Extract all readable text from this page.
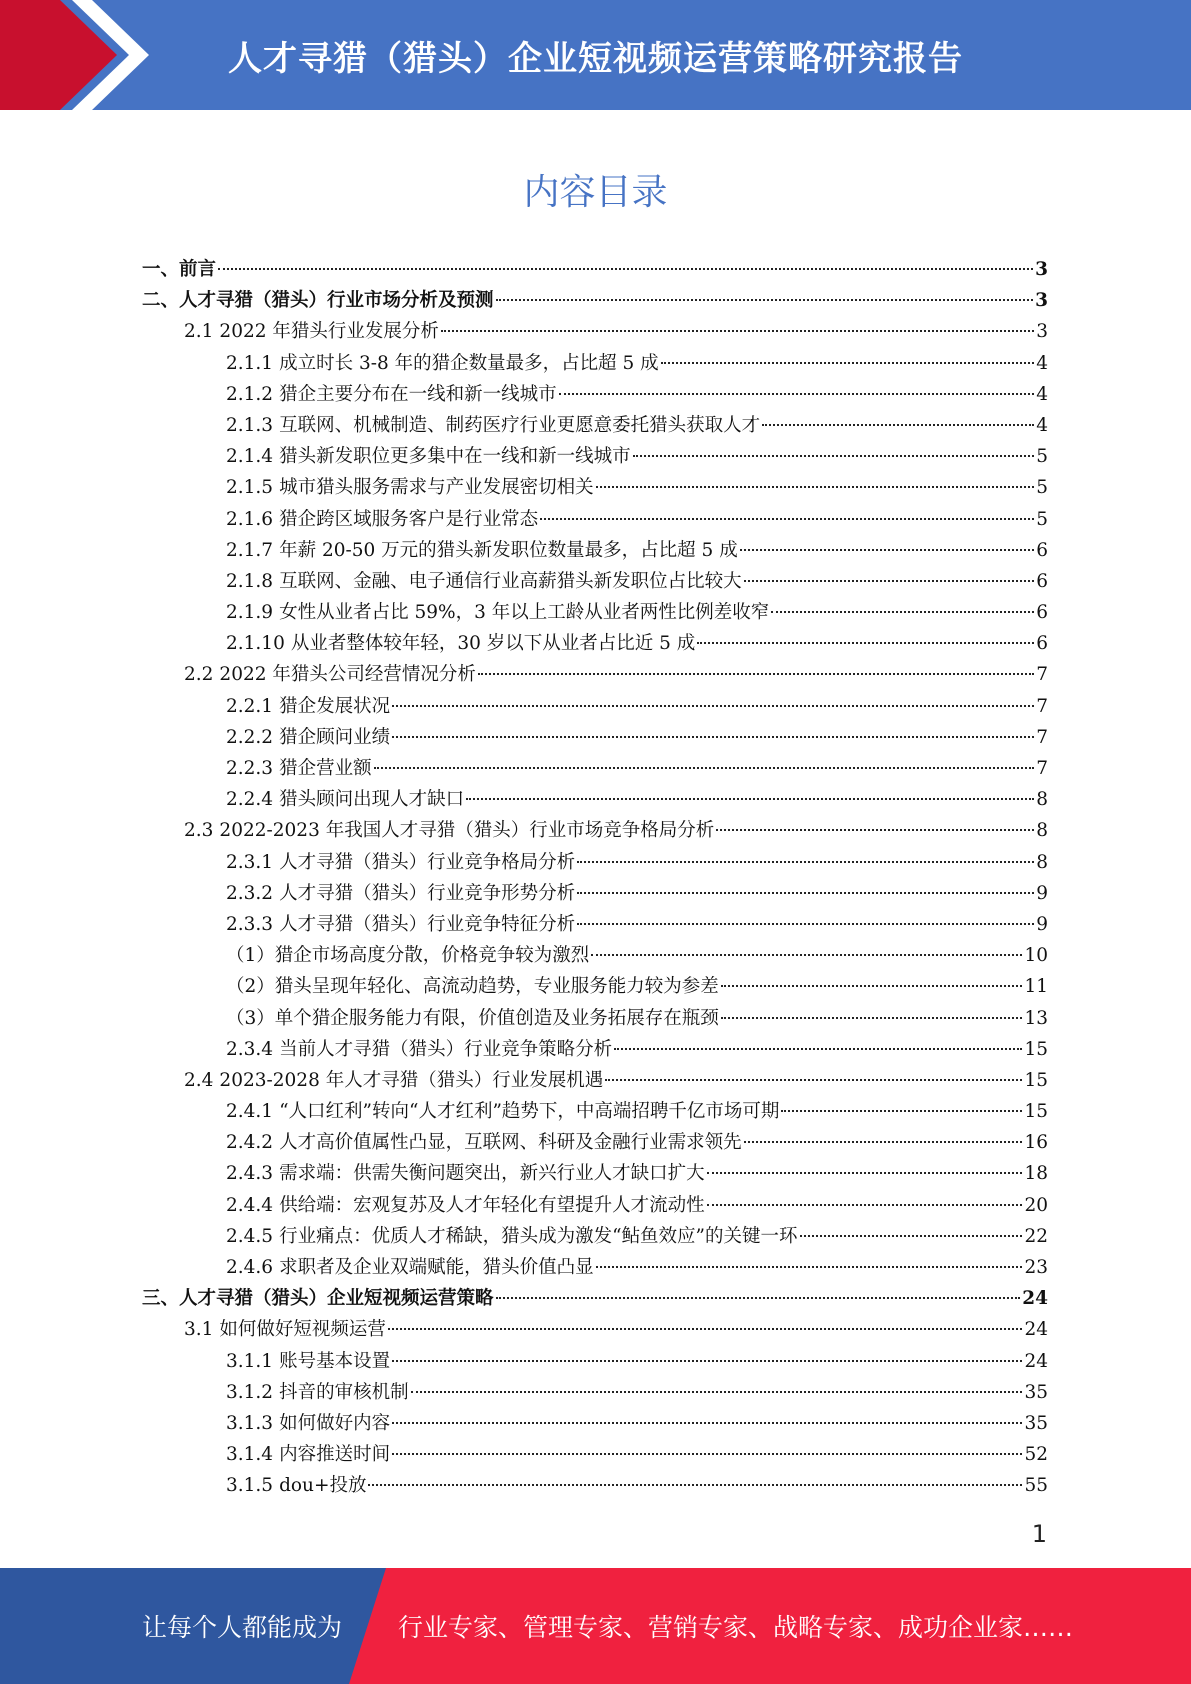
人才寻猎（猎头）企业短视频运营策略研究报告
内容目录
一、前言	3
二、人才寻猎（猎头）行业市场分析及预测	3
2.1 2022 年猎头行业发展分析	3
2.1.1 成立时长 3-8 年的猎企数量最多，占比超 5 成	4
2.1.2 猎企主要分布在一线和新一线城市	4
2.1.3 互联网、机械制造、制药医疗行业更愿意委托猎头获取人才	4
2.1.4 猎头新发职位更多集中在一线和新一线城市	5
2.1.5 城市猎头服务需求与产业发展密切相关	5
2.1.6 猎企跨区域服务客户是行业常态	5
2.1.7 年薪 20-50 万元的猎头新发职位数量最多，占比超 5 成	6
2.1.8 互联网、金融、电子通信行业高薪猎头新发职位占比较大	6
2.1.9 女性从业者占比 59%，3 年以上工龄从业者两性比例差收窄	6
2.1.10 从业者整体较年轻，30 岁以下从业者占比近 5 成	6
2.2 2022 年猎头公司经营情况分析	7
2.2.1 猎企发展状况	7
2.2.2 猎企顾问业绩	7
2.2.3 猎企营业额	7
2.2.4 猎头顾问出现人才缺口	8
2.3 2022-2023 年我国人才寻猎（猎头）行业市场竞争格局分析	8
2.3.1 人才寻猎（猎头）行业竞争格局分析	8
2.3.2 人才寻猎（猎头）行业竞争形势分析	9
2.3.3 人才寻猎（猎头）行业竞争特征分析	9
（1）猎企市场高度分散，价格竞争较为激烈	10
（2）猎头呈现年轻化、高流动趋势，专业服务能力较为参差	11
（3）单个猎企服务能力有限，价值创造及业务拓展存在瓶颈	13
2.3.4 当前人才寻猎（猎头）行业竞争策略分析	15
2.4 2023-2028 年人才寻猎（猎头）行业发展机遇	15
2.4.1 “人口红利”转向“人才红利”趋势下，中高端招聘千亿市场可期	15
2.4.2 人才高价值属性凸显，互联网、科研及金融行业需求领先	16
2.4.3 需求端：供需失衡问题突出，新兴行业人才缺口扩大	18
2.4.4 供给端：宏观复苏及人才年轻化有望提升人才流动性	20
2.4.5 行业痛点：优质人才稀缺，猎头成为激发“鲇鱼效应”的关键一环	22
2.4.6 求职者及企业双端赋能，猎头价值凸显	23
三、人才寻猎（猎头）企业短视频运营策略	24
3.1 如何做好短视频运营	24
3.1.1 账号基本设置	24
3.1.2 抖音的审核机制	35
3.1.3 如何做好内容	35
3.1.4 内容推送时间	52
3.1.5 dou+投放	55
1
让每个人都能成为 行业专家、管理专家、营销专家、战略专家、成功企业家……
